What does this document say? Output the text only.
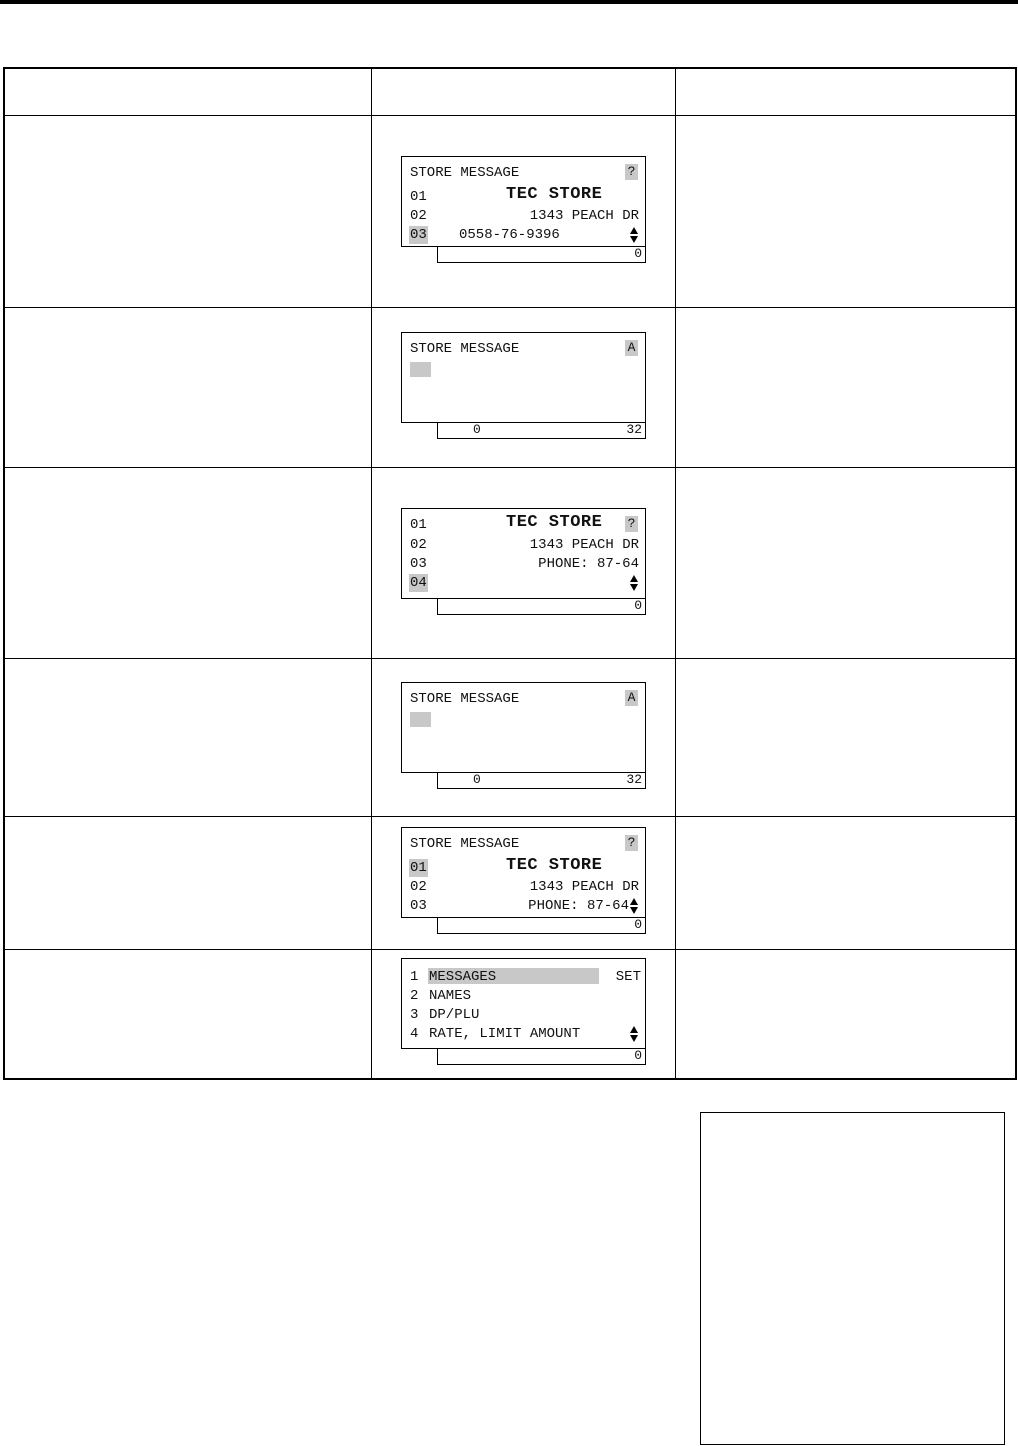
STORE MESSAGE

	?

01

	TEC STORE

02

	1343 PEACH DR

03

0558-76-9396

0

STORE MESSAGE

	A

0	32

01

	TEC STORE

?

02

	1343 PEACH DR

03

	PHONE: 87-64

04

0

STORE MESSAGE

	A

0	32

STORE MESSAGE

	?

01

	TEC STORE

02

	1343 PEACH DR

03

	PHONE: 87-64

0

1

MESSAGES

	SET

2

NAMES

3

DP/PLU

4

RATE, LIMIT AMOUNT

0
